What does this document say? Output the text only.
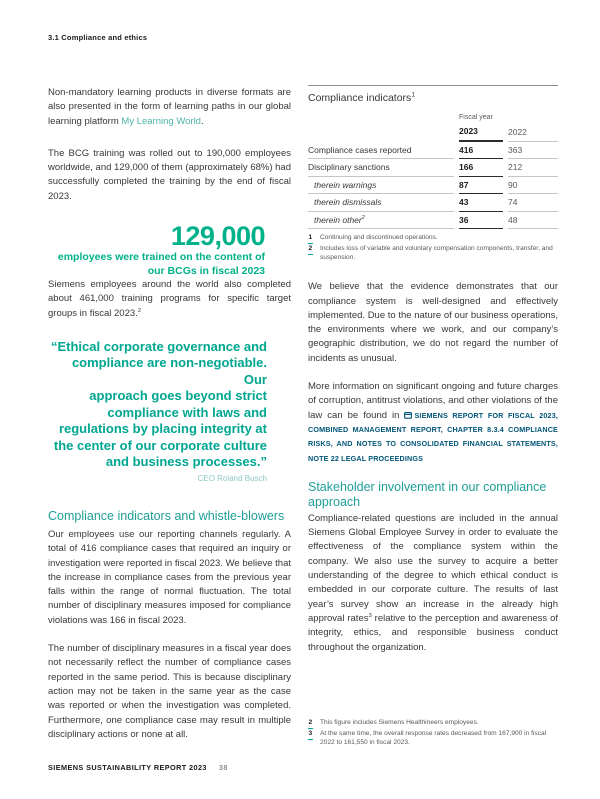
3.1 Compliance and ethics

Non-mandatory learning products in diverse formats are also presented in the form of learning paths in our global learning platform My Learning World.

The BCG training was rolled out to 190,000 employees worldwide, and 129,000 of them (approximately 68%) had successfully completed the training by the end of fiscal 2023.

129,000
employees were trained on the content of
our BCGs in fiscal 2023

Siemens employees around the world also completed about 461,000 training programs for specific target groups in fiscal 2023.$^2$

“Ethical corporate governance and
compliance are non-negotiable. Our
approach goes beyond strict
compliance with laws and
regulations by placing integrity at
the center of our corporate culture
and business processes.”
CEO Roland Busch
Compliance indicators and whistle-blowers

Our employees use our reporting channels regularly. A total of 416 compliance cases that required an inquiry or investigation were reported in fiscal 2023. We believe that the increase in compliance cases from the previous year falls within the range of normal fluctuation. The total number of disciplinary measures imposed for compliance violations was 166 in fiscal 2023.

The number of disciplinary measures in a fiscal year does not necessarily reflect the number of compliance cases reported in the same period. This is because disciplinary action may not be taken in the same year as the case was reported or when the investigation was completed. Furthermore, one compliance case may result in multiple disciplinary actions or none at all.

Compliance indicators$^1$

Fiscal year
	2023	2022
Compliance cases reported	416	363
Disciplinary sanctions	166	212
therein warnings	87	90
therein dismissals	43	74
therein other$^2$	36	48
1	Continuing and discontinued operations.
2	Includes loss of variable and voluntary compensation components, transfer, and suspension.

We believe that the evidence demonstrates that our compliance system is well-designed and effectively implemented. Due to the nature of our business operations, the environments where we work, and our company’s geographic distribution, we do not regard the number of incidents as unusual.

More information on significant ongoing and future charges of corruption, antitrust violations, and other violations of the law can be found in SIEMENS REPORT FOR FISCAL 2023, COMBINED MANAGEMENT REPORT, CHAPTER 8.3.4 COMPLIANCE RISKS, AND NOTES TO CONSOLIDATED FINANCIAL STATEMENTS, NOTE 22 LEGAL PROCEEDINGS

Stakeholder involvement in our compliance approach

Compliance-related questions are included in the annual Siemens Global Employee Survey in order to evaluate the effectiveness of the compliance system within the company. We also use the survey to acquire a better understanding of the degree to which ethical conduct is embedded in our corporate culture. The results of last year’s survey show an increase in the already high approval rates$^3$ relative to the perception and awareness of integrity, ethics, and responsible business conduct throughout the organization.

2	This figure includes Siemens Healthineers employees.
3	At the same time, the overall response rates decreased from 167,900 in fiscal 2022 to 161,550 in fiscal 2023.
SIEMENS SUSTAINABILITY REPORT 2023 38
